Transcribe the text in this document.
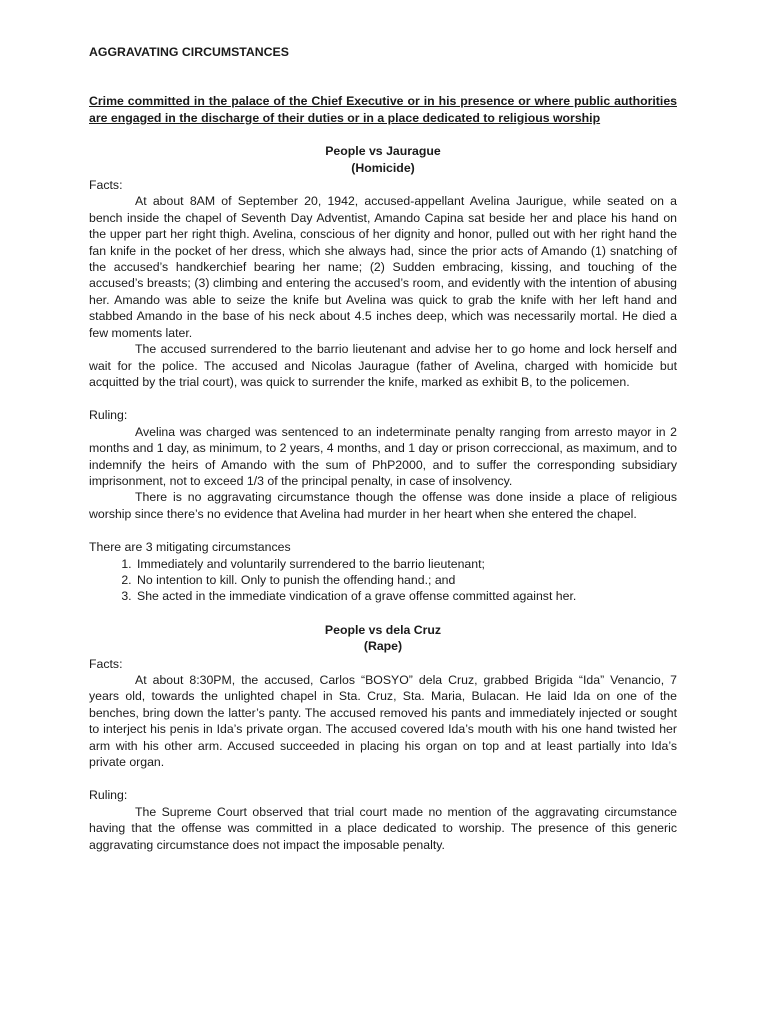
AGGRAVATING CIRCUMSTANCES

Crime committed in the palace of the Chief Executive or in his presence or where public authorities are engaged in the discharge of their duties or in a place dedicated to religious worship

People vs Jaurague

(Homicide)

Facts:

At about 8AM of September 20, 1942, accused-appellant Avelina Jaurigue, while seated on a bench inside the chapel of Seventh Day Adventist, Amando Capina sat beside her and place his hand on the upper part her right thigh. Avelina, conscious of her dignity and honor, pulled out with her right hand the fan knife in the pocket of her dress, which she always had, since the prior acts of Amando (1) snatching of the accused’s handkerchief bearing her name; (2) Sudden embracing, kissing, and touching of the accused’s breasts; (3) climbing and entering the accused’s room, and evidently with the intention of abusing her. Amando was able to seize the knife but Avelina was quick to grab the knife with her left hand and stabbed Amando in the base of his neck about 4.5 inches deep, which was necessarily mortal. He died a few moments later.

The accused surrendered to the barrio lieutenant and advise her to go home and lock herself and wait for the police. The accused and Nicolas Jaurague (father of Avelina, charged with homicide but acquitted by the trial court), was quick to surrender the knife, marked as exhibit B, to the policemen.

Ruling:

Avelina was charged was sentenced to an indeterminate penalty ranging from arresto mayor in 2 months and 1 day, as minimum, to 2 years, 4 months, and 1 day or prison correccional, as maximum, and to indemnify the heirs of Amando with the sum of PhP2000, and to suffer the corresponding subsidiary imprisonment, not to exceed 1/3 of the principal penalty, in case of insolvency.

There is no aggravating circumstance though the offense was done inside a place of religious worship since there’s no evidence that Avelina had murder in her heart when she entered the chapel.

There are 3 mitigating circumstances

1. Immediately and voluntarily surrendered to the barrio lieutenant;
2. No intention to kill. Only to punish the offending hand.; and
3. She acted in the immediate vindication of a grave offense committed against her.

People vs dela Cruz

(Rape)

Facts:

At about 8:30PM, the accused, Carlos “BOSYO” dela Cruz, grabbed Brigida “Ida” Venancio, 7 years old, towards the unlighted chapel in Sta. Cruz, Sta. Maria, Bulacan. He laid Ida on one of the benches, bring down the latter’s panty. The accused removed his pants and immediately injected or sought to interject his penis in Ida’s private organ. The accused covered Ida’s mouth with his one hand twisted her arm with his other arm. Accused succeeded in placing his organ on top and at least partially into Ida’s private organ.

Ruling:

The Supreme Court observed that trial court made no mention of the aggravating circumstance having that the offense was committed in a place dedicated to worship. The presence of this generic aggravating circumstance does not impact the imposable penalty.
